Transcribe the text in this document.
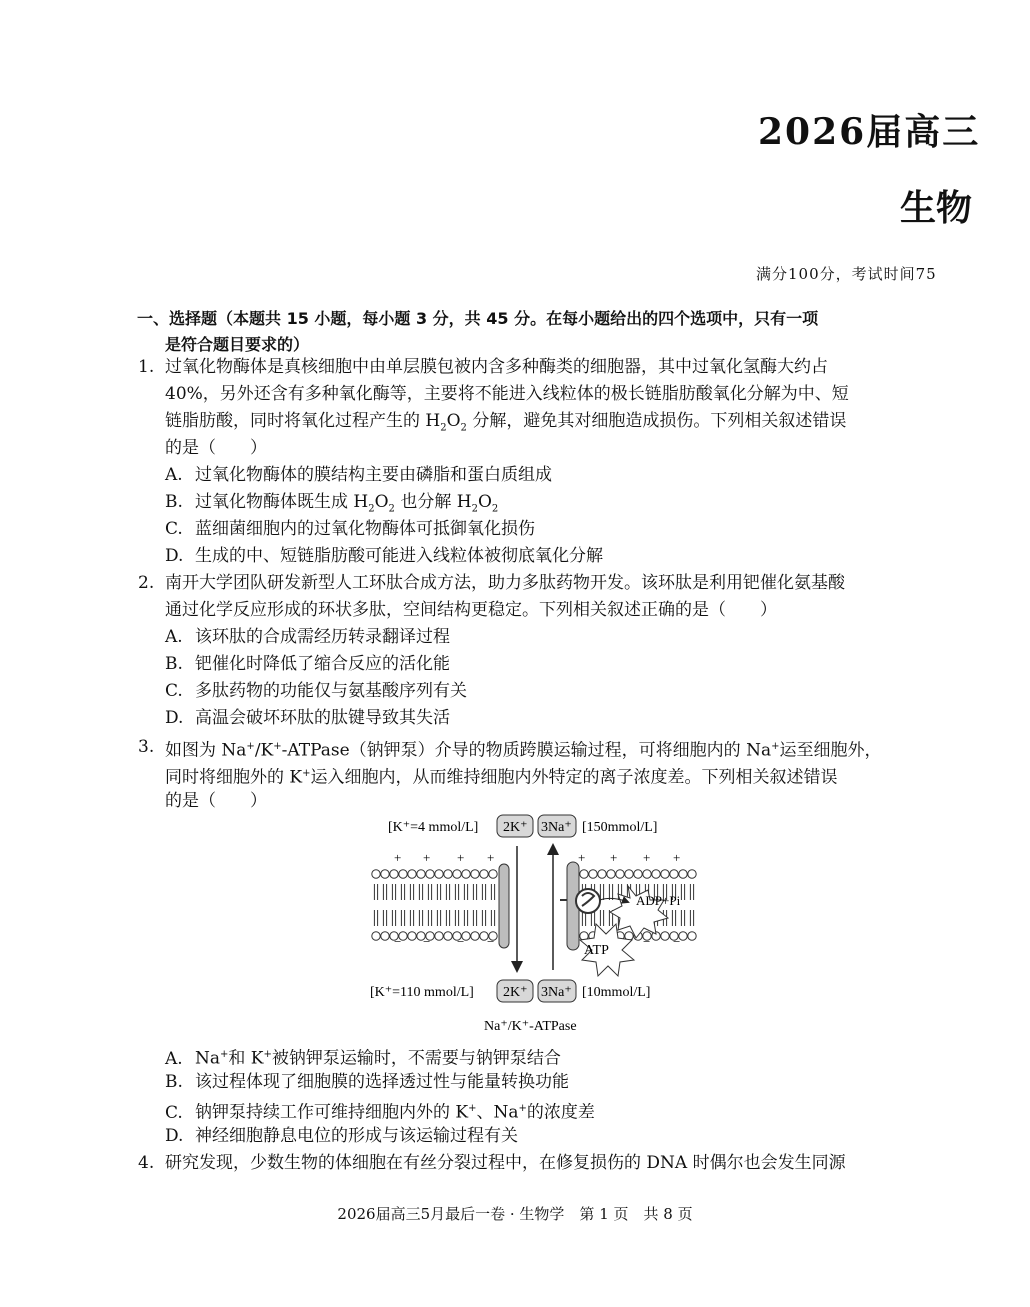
2026届高三
生物
满分100分，考试时间75
一、选择题（本题共 15 小题，每小题 3 分，共 45 分。在每小题给出的四个选项中，只有一项
是符合题目要求的）
1. 过氧化物酶体是真核细胞中由单层膜包被内含多种酶类的细胞器，其中过氧化氢酶大约占
40%，另外还含有多种氧化酶等，主要将不能进入线粒体的极长链脂肪酸氧化分解为中、短
链脂肪酸，同时将氧化过程产生的 $H_2O_2$ 分解，避免其对细胞造成损伤。下列相关叙述错误
的是（　　）
A. 过氧化物酶体的膜结构主要由磷脂和蛋白质组成
B. 过氧化物酶体既生成 $H_2O_2$ 也分解 $H_2O_2$
C. 蓝细菌细胞内的过氧化物酶体可抵御氧化损伤
D. 生成的中、短链脂肪酸可能进入线粒体被彻底氧化分解
2. 南开大学团队研发新型人工环肽合成方法，助力多肽药物开发。该环肽是利用钯催化氨基酸
通过化学反应形成的环状多肽，空间结构更稳定。下列相关叙述正确的是（　　）
A. 该环肽的合成需经历转录翻译过程
B. 钯催化时降低了缩合反应的活化能
C. 多肽药物的功能仅与氨基酸序列有关
D. 高温会破坏环肽的肽键导致其失活
3. 如图为 Na+/K+-ATPase（钠钾泵）介导的物质跨膜运输过程，可将细胞内的 Na+运至细胞外，
同时将细胞外的 K+运入细胞内，从而维持细胞内外特定的离子浓度差。下列相关叙述错误
的是（　　）
[K⁺=4 mmol/L] 2K⁺ 3Na⁺ [150mmol/L]
+ + + +	+ + + +
ADP+Pi
ATP
− − − −	− −
[K⁺=110 mmol/L] 2K⁺ 3Na⁺ [10mmol/L]
Na⁺/K⁺-ATPase
A. Na+和 K+被钠钾泵运输时，不需要与钠钾泵结合
B. 该过程体现了细胞膜的选择透过性与能量转换功能
C. 钠钾泵持续工作可维持细胞内外的 K+、Na+的浓度差
D. 神经细胞静息电位的形成与该运输过程有关
4. 研究发现，少数生物的体细胞在有丝分裂过程中，在修复损伤的 DNA 时偶尔也会发生同源
2026届高三5月最后一卷 · 生物学　第 1 页　共 8 页
